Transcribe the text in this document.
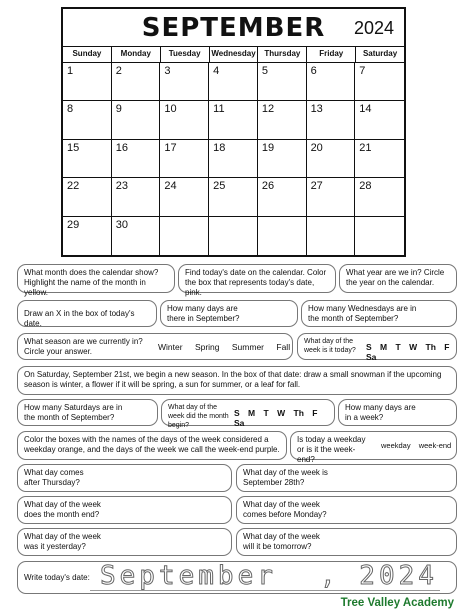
SEPTEMBER	2024
Sunday	Monday	Tuesday	Wednesday	Thursday	Friday	Saturday
1	2	3	4	5	6	7
8	9	10	11	12	13	14
15	16	17	18	19	20	21
22	23	24	25	26	27	28
29	30
What month does the calendar show? Highlight the name of the month in yellow.
Find today's date on the calendar. Color the box that represents today's date, pink.
What year are we in? Circle the year on the calendar.
Draw an X in the box of today's date.
How many days are there in September?
How many Wednesdays are in the month of September?
What season are we currently in? Circle your answer.	Winter Spring Summer Fall
What day of the week is it today?	S M T W Th F Sa
On Saturday, September 21st, we begin a new season. In the box of that date: draw a small snowman if the upcoming season is winter, a flower if it will be spring, a sun for summer, or a leaf for fall.
How many Saturdays are in the month of September?
What day of the week did the month begin?
S M T W Th F Sa
How many days are in a week?
Color the boxes with the names of the days of the week considered a weekday orange, and the days of the week we call the week-end purple.
Is today a weekday or is it the week-end?
weekday week-end
What day comes after Thursday?
What day of the week is September 28th?
What day of the week does the month end?
What day of the week comes before Monday?
What day of the week was it yesterday?
What day of the week will it be tomorrow?
Write today's date: September , 2024
Tree Valley Academy
